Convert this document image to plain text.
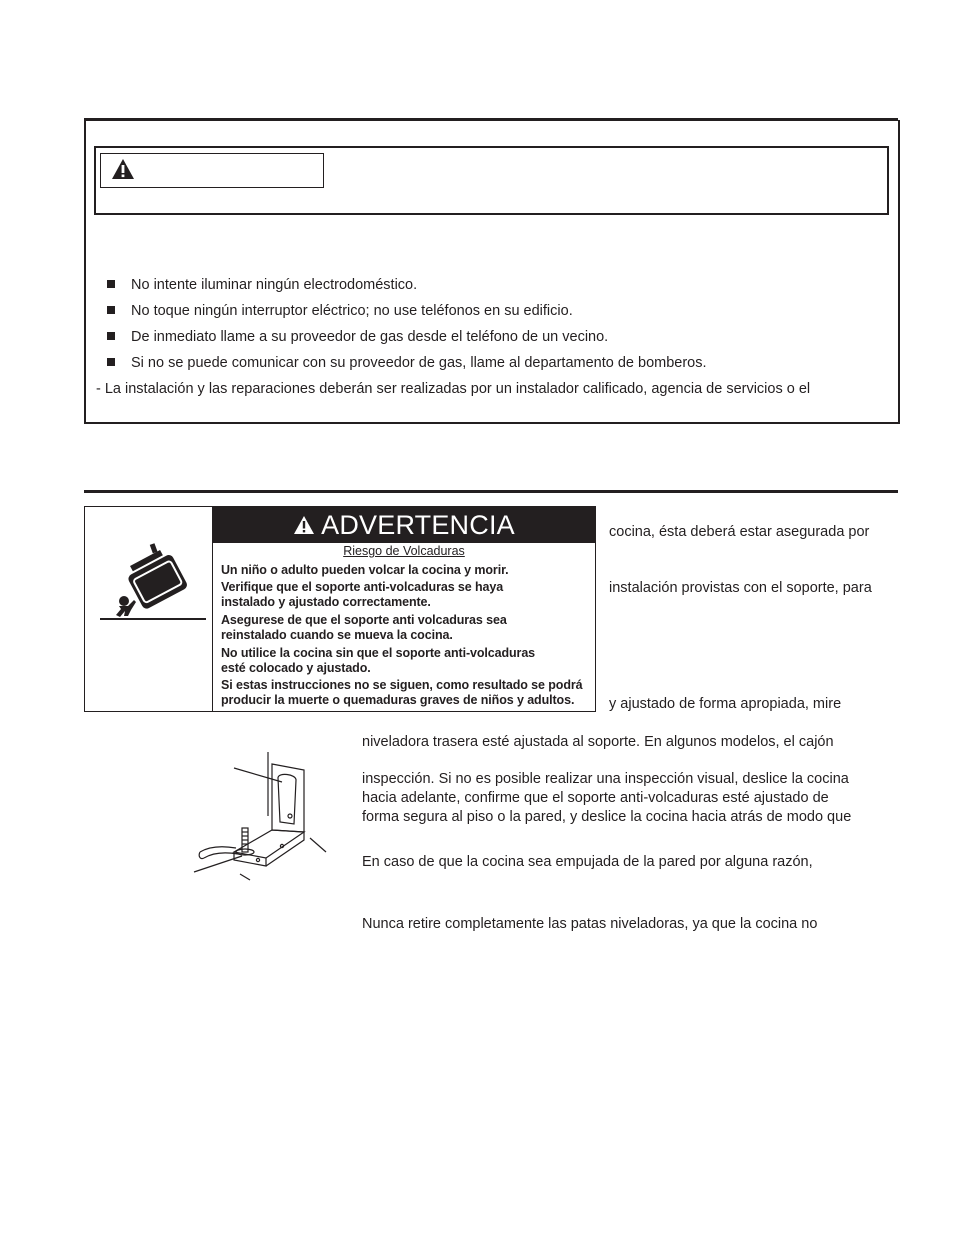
No intente iluminar ningún electrodoméstico.
No toque ningún interruptor eléctrico; no use teléfonos en su edificio.
De inmediato llame a su proveedor de gas desde el teléfono de un vecino.
Si no se puede comunicar con su proveedor de gas, llame al departamento de bomberos.
- La instalación y las reparaciones deberán ser realizadas por un instalador calificado, agencia de servicios o el
ADVERTENCIA
Riesgo de Volcaduras
Un niño o adulto pueden volcar la cocina y morir.
Verifique que el soporte anti-volcaduras se haya
instalado y ajustado correctamente.
Asegurese de que el soporte anti volcaduras sea
reinstalado cuando se mueva la cocina.
No utilice la cocina sin que el soporte anti-volcaduras
esté colocado y ajustado.
Si estas instrucciones no se siguen, como resultado se podrá
producir la muerte o quemaduras graves de niños y adultos.
cocina, ésta deberá estar asegurada por
instalación provistas con el soporte, para
y ajustado de forma apropiada, mire
niveladora trasera esté ajustada al soporte. En algunos modelos, el cajón
inspección. Si no es posible realizar una inspección visual, deslice la cocina
hacia adelante, confirme que el soporte anti-volcaduras esté ajustado de
forma segura al piso o la pared, y deslice la cocina hacia atrás de modo que
En caso de que la cocina sea empujada de la pared por alguna razón,
Nunca retire completamente las patas niveladoras, ya que la cocina no
